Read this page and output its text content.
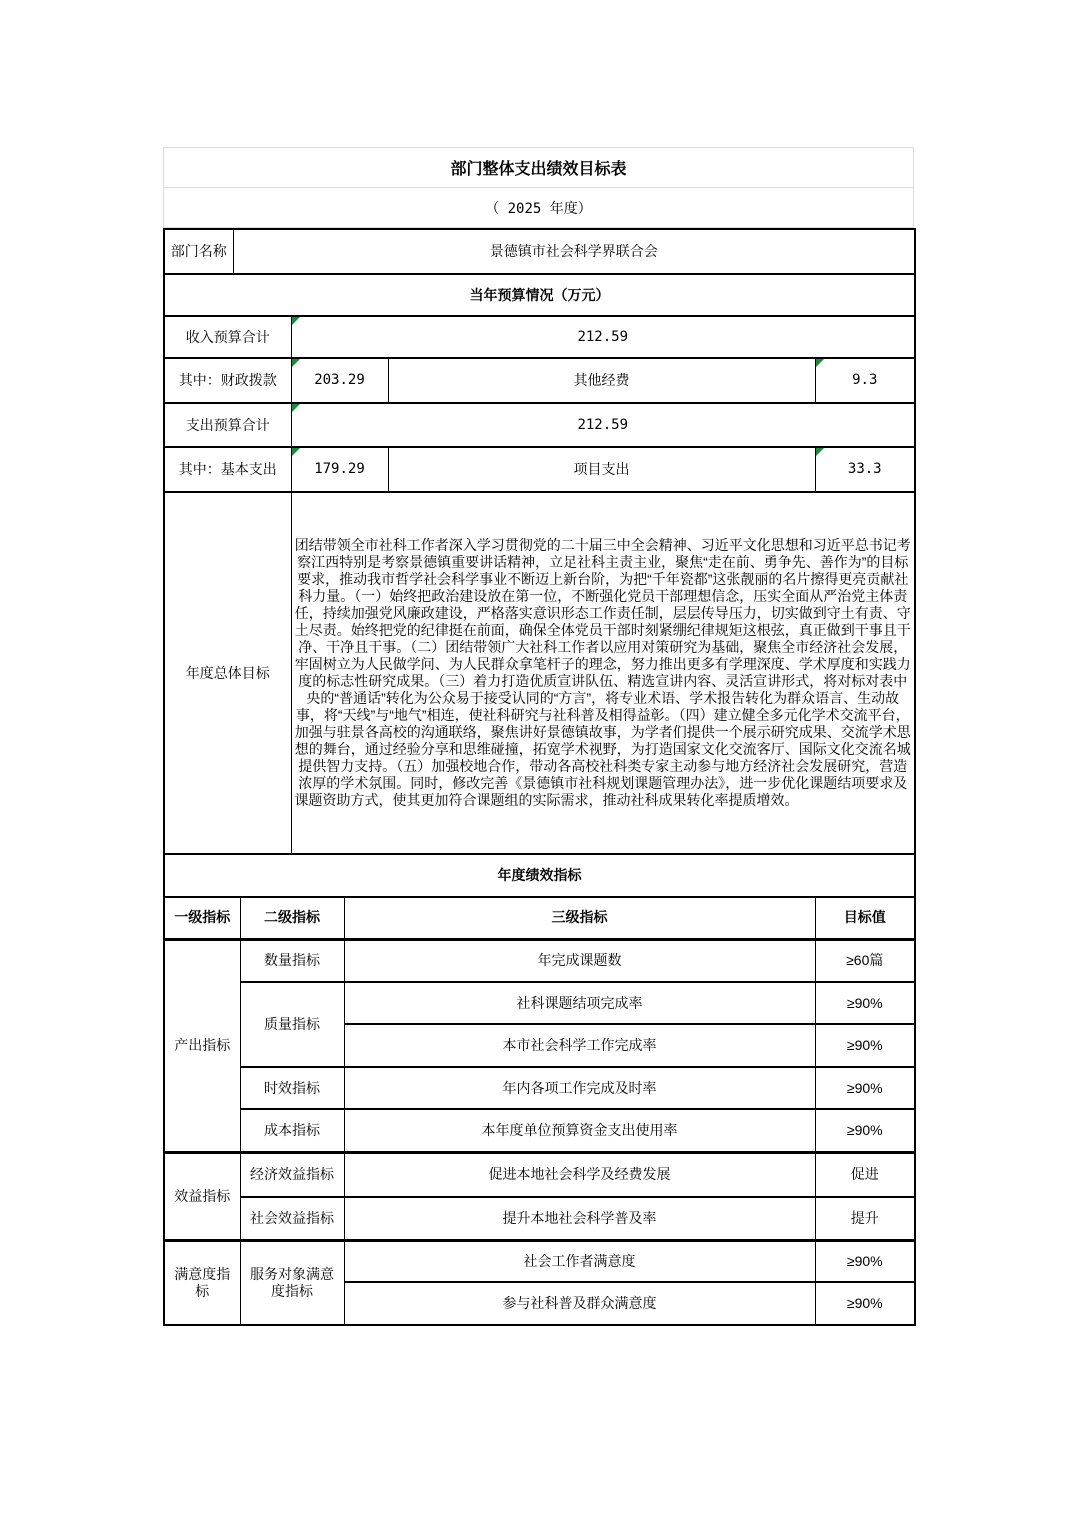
部门整体支出绩效目标表
（ 2025 年度）
部门名称	景德镇市社会科学界联合会					
当年预算情况（万元）						
收入预算合计			212.59			
其中：财政拨款			203.29		其他经费	9.3
支出预算合计			212.59			
其中：基本支出			179.29		项目支出	33.3
年度总体目标			团结带领全市社科工作者深入学习贯彻党的二十届三中全会精神、习近平文化思想和习近平总书记考察江西特别是考察景德镇重要讲话精神，立足社科主责主业，聚焦“走在前、勇争先、善作为”的目标要求，推动我市哲学社会科学事业不断迈上新台阶，为把“千年瓷都”这张靓丽的名片擦得更亮贡献社科力量。（一）始终把政治建设放在第一位，不断强化党员干部理想信念，压实全面从严治党主体责任，持续加强党风廉政建设，严格落实意识形态工作责任制，层层传导压力，切实做到守土有责、守土尽责。始终把党的纪律挺在前面，确保全体党员干部时刻紧绷纪律规矩这根弦，真正做到干事且干净、干净且干事。（二）团结带领广大社科工作者以应用对策研究为基础，聚焦全市经济社会发展，牢固树立为人民做学问、为人民群众拿笔杆子的理念，努力推出更多有学理深度、学术厚度和实践力度的标志性研究成果。（三）着力打造优质宣讲队伍、精选宣讲内容、灵活宣讲形式，将对标对表中央的“普通话”转化为公众易于接受认同的“方言”，将专业术语、学术报告转化为群众语言、生动故事，将“天线”与“地气”相连，使社科研究与社科普及相得益彰。（四）建立健全多元化学术交流平台，加强与驻景各高校的沟通联络，聚焦讲好景德镇故事，为学者们提供一个展示研究成果、交流学术思想的舞台，通过经验分享和思维碰撞，拓宽学术视野，为打造国家文化交流客厅、国际文化交流名城提供智力支持。（五）加强校地合作，带动各高校社科类专家主动参与地方经济社会发展研究，营造浓厚的学术氛围。同时，修改完善《景德镇市社科规划课题管理办法》，进一步优化课题结项要求及课题资助方式，使其更加符合课题组的实际需求，推动社科成果转化率提质增效。			
年度绩效指标						
一级指标		二级指标		三级指标		目标值
产出指标		数量指标		年完成课题数		≥60篇
		质量指标		社科课题结项完成率		≥90%
				本市社会科学工作完成率		≥90%
		时效指标		年内各项工作完成及时率		≥90%
		成本指标		本年度单位预算资金支出使用率		≥90%
效益指标		经济效益指标		促进本地社会科学及经费发展		促进
		社会效益指标		提升本地社会科学普及率		提升
满意度指标		服务对象满意度指标		社会工作者满意度		≥90%
				参与社科普及群众满意度		≥90%
